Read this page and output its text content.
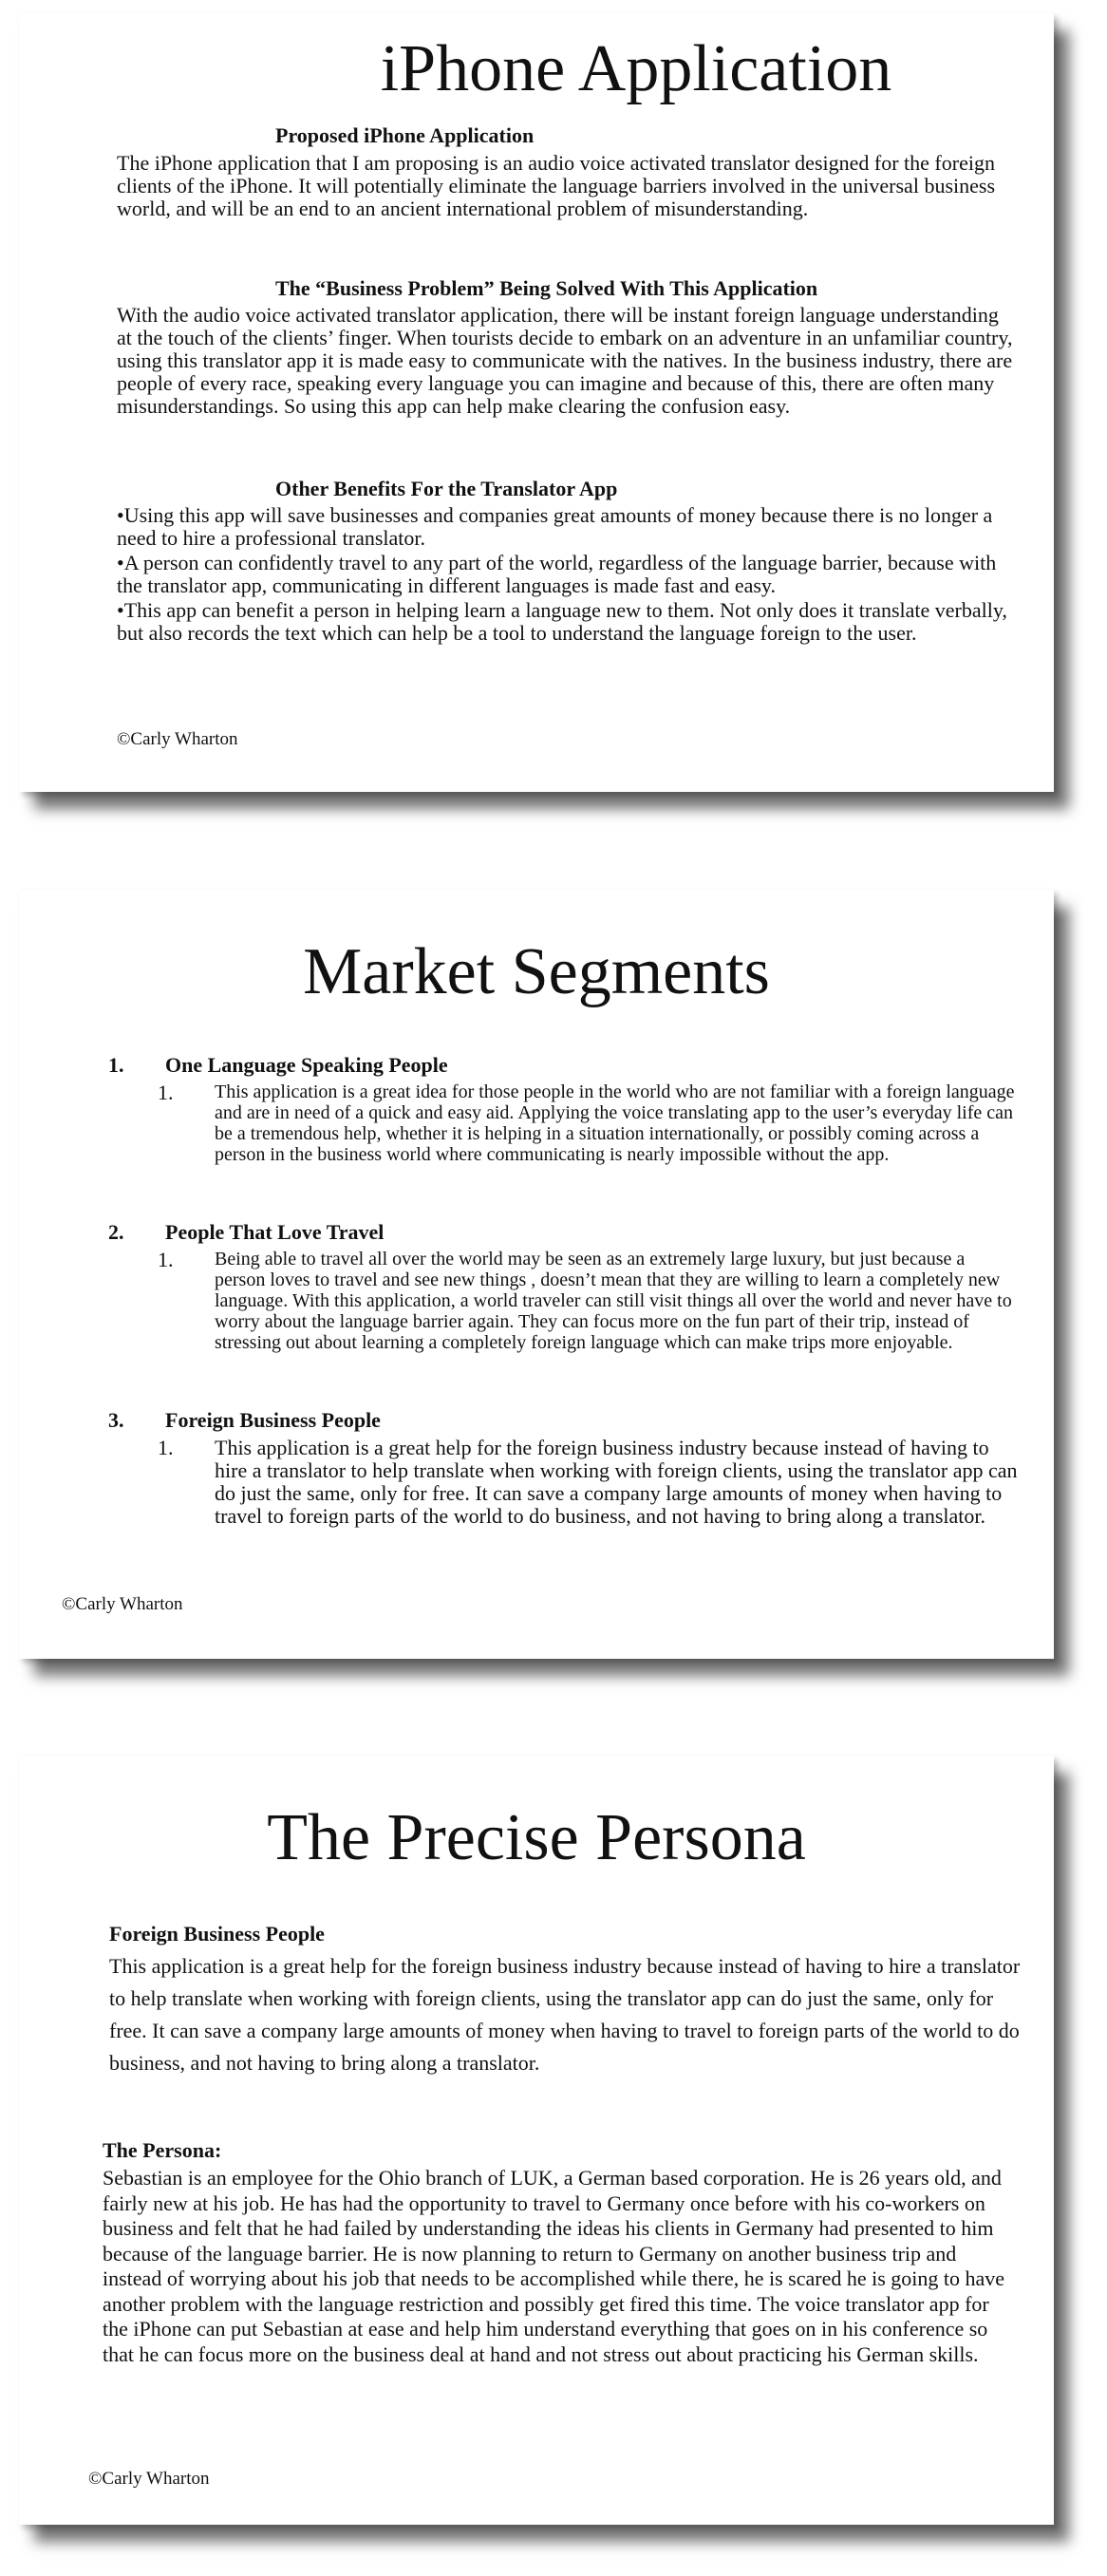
iPhone Application
Proposed iPhone Application
The iPhone application that I am proposing is an audio voice activated translator designed for the foreign clients of the iPhone. It will potentially eliminate the language barriers involved in the universal business world, and will be an end to an ancient international problem of misunderstanding.
The “Business Problem” Being Solved With This Application
With the audio voice activated translator application, there will be instant foreign language understanding at the touch of the clients’ finger. When tourists decide to embark on an adventure in an unfamiliar country, using this translator app it is made easy to communicate with the natives. In the business industry, there are people of every race, speaking every language you can imagine and because of this, there are often many misunderstandings. So using this app can help make clearing the confusion easy.
Other Benefits For the Translator App
•Using this app will save businesses and companies great amounts of money because there is no longer a need to hire a professional translator.
•A person can confidently travel to any part of the world, regardless of the language barrier, because with the translator app, communicating in different languages is made fast and easy.
•This app can benefit a person in helping learn a language new to them. Not only does it translate verbally, but also records the text which can help be a tool to understand the language foreign to the user.
©Carly Wharton
Market Segments
1.	One Language Speaking People
1.	This application is a great idea for those people in the world who are not familiar with a foreign language and are in need of a quick and easy aid. Applying the voice translating app to the user’s everyday life can be a tremendous help, whether it is helping in a situation internationally, or possibly coming across a person in the business world where communicating is nearly impossible without the app.
2.	People That Love Travel
1.	Being able to travel all over the world may be seen as an extremely large luxury, but just because a person loves to travel and see new things , doesn’t mean that they are willing to learn a completely new language. With this application, a world traveler can still visit things all over the world and never have to worry about the language barrier again. They can focus more on the fun part of their trip, instead of stressing out about learning a completely foreign language which can make trips more enjoyable.
3.	Foreign Business People
1.	This application is a great help for the foreign business industry because instead of having to hire a translator to help translate when working with foreign clients, using the translator app can do just the same, only for free. It can save a company large amounts of money when having to travel to foreign parts of the world to do business, and not having to bring along a translator.
©Carly Wharton
The Precise Persona
Foreign Business People
This application is a great help for the foreign business industry because instead of having to hire a translator to help translate when working with foreign clients, using the translator app can do just the same, only for free. It can save a company large amounts of money when having to travel to foreign parts of the world to do business, and not having to bring along a translator.
The Persona:
Sebastian is an employee for the Ohio branch of LUK, a German based corporation. He is 26 years old, and fairly new at his job. He has had the opportunity to travel to Germany once before with his co-workers on business and felt that he had failed by understanding the ideas his clients in Germany had presented to him because of the language barrier. He is now planning to return to Germany on another business trip and instead of worrying about his job that needs to be accomplished while there, he is scared he is going to have another problem with the language restriction and possibly get fired this time. The voice translator app for the iPhone can put Sebastian at ease and help him understand everything that goes on in his conference so that he can focus more on the business deal at hand and not stress out about practicing his German skills.
©Carly Wharton
